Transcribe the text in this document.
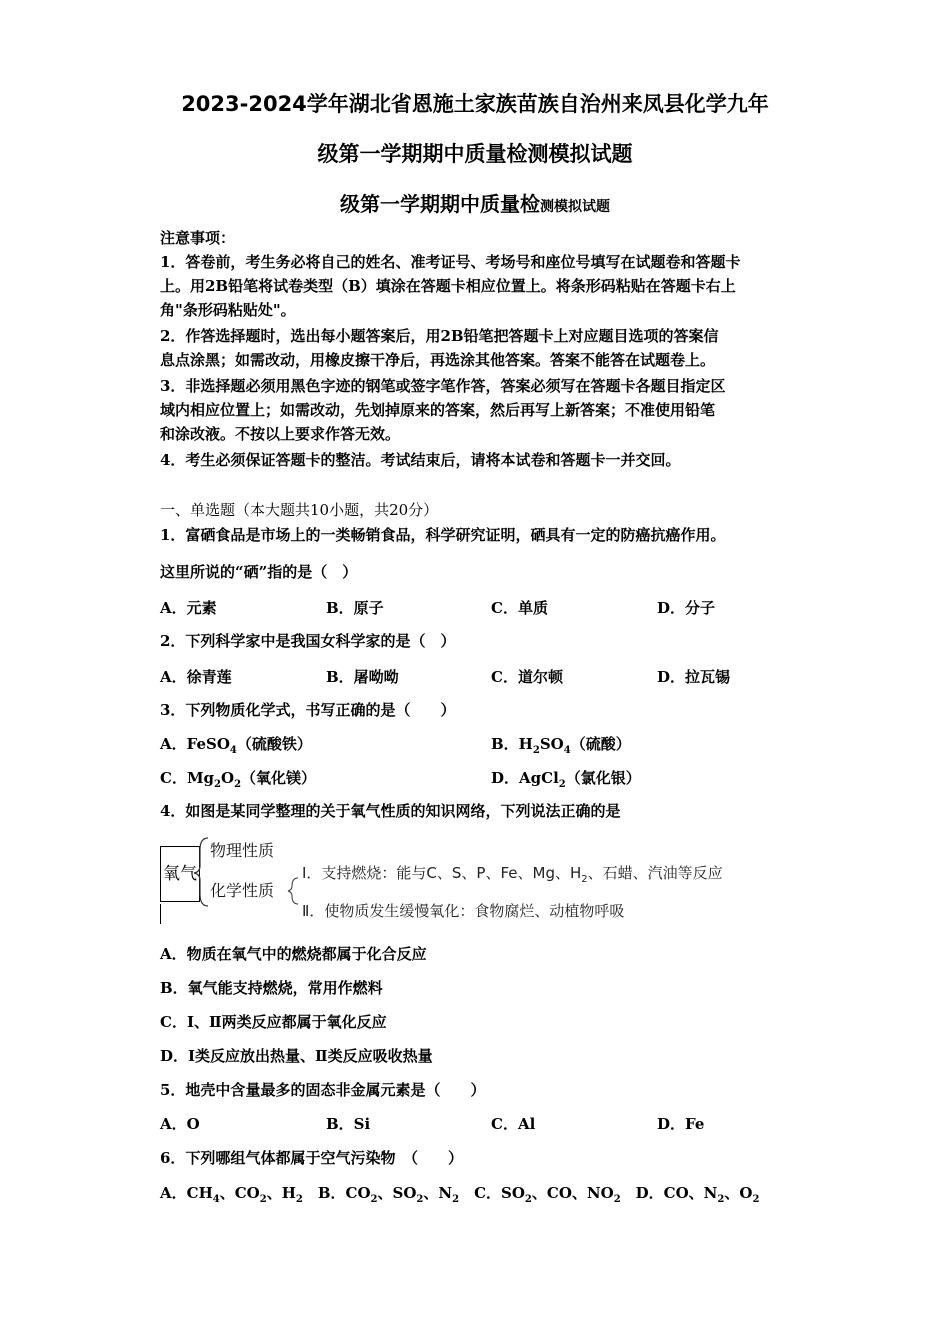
2023-2024学年湖北省恩施土家族苗族自治州来凤县化学九年
级第一学期期中质量检测模拟试题
级第一学期期中质量检测模拟试题
注意事项：
1．答卷前，考生务必将自己的姓名、准考证号、考场号和座位号填写在试题卷和答题卡
上。用2B铅笔将试卷类型（B）填涂在答题卡相应位置上。将条形码粘贴在答题卡右上
角"条形码粘贴处"。
2．作答选择题时，选出每小题答案后，用2B铅笔把答题卡上对应题目选项的答案信
息点涂黑；如需改动，用橡皮擦干净后，再选涂其他答案。答案不能答在试题卷上。
3．非选择题必须用黑色字迹的钢笔或签字笔作答，答案必须写在答题卡各题目指定区
域内相应位置上；如需改动，先划掉原来的答案，然后再写上新答案；不准使用铅笔
和涂改液。不按以上要求作答无效。
4．考生必须保证答题卡的整洁。考试结束后，请将本试卷和答题卡一并交回。
一、单选题（本大题共10小题，共20分）
1．富硒食品是市场上的一类畅销食品，科学研究证明，硒具有一定的防癌抗癌作用。
这里所说的“硒”指的是（　）
A．元素	B．原子	C．单质	D．分子
2．下列科学家中是我国女科学家的是（　）
A．徐青莲	B．屠呦呦	C．道尔顿	D．拉瓦锡
3．下列物质化学式，书写正确的是（　　）
A．FeSO$_4$（硫酸铁）	B．$H_2SO_4$（硫酸）
C．$Mg_2O_2$（氧化镁）	D．AgCl$_2$（氯化银）
4．如图是某同学整理的关于氧气性质的知识网络，下列说法正确的是
氧气
物理性质
化学性质
Ⅰ．支持燃烧：能与C、S、P、Fe、Mg、$H_2$、石蜡、汽油等反应
Ⅱ．使物质发生缓慢氧化：食物腐烂、动植物呼吸
A．物质在氧气中的燃烧都属于化合反应
B．氧气能支持燃烧，常用作燃料
C．Ⅰ、Ⅱ两类反应都属于氧化反应
D．Ⅰ类反应放出热量、Ⅱ类反应吸收热量
5．地壳中含量最多的固态非金属元素是（　　）
A．O	B．Si	C．Al	D．Fe
6．下列哪组气体都属于空气污染物　（　　）
A．$CH_4$、$CO_2$、$H_2$  B．$CO_2$、$SO_2$、$N_2$  C．$SO_2$、CO、$NO_2$  D．CO、$N_2$、$O_2$
